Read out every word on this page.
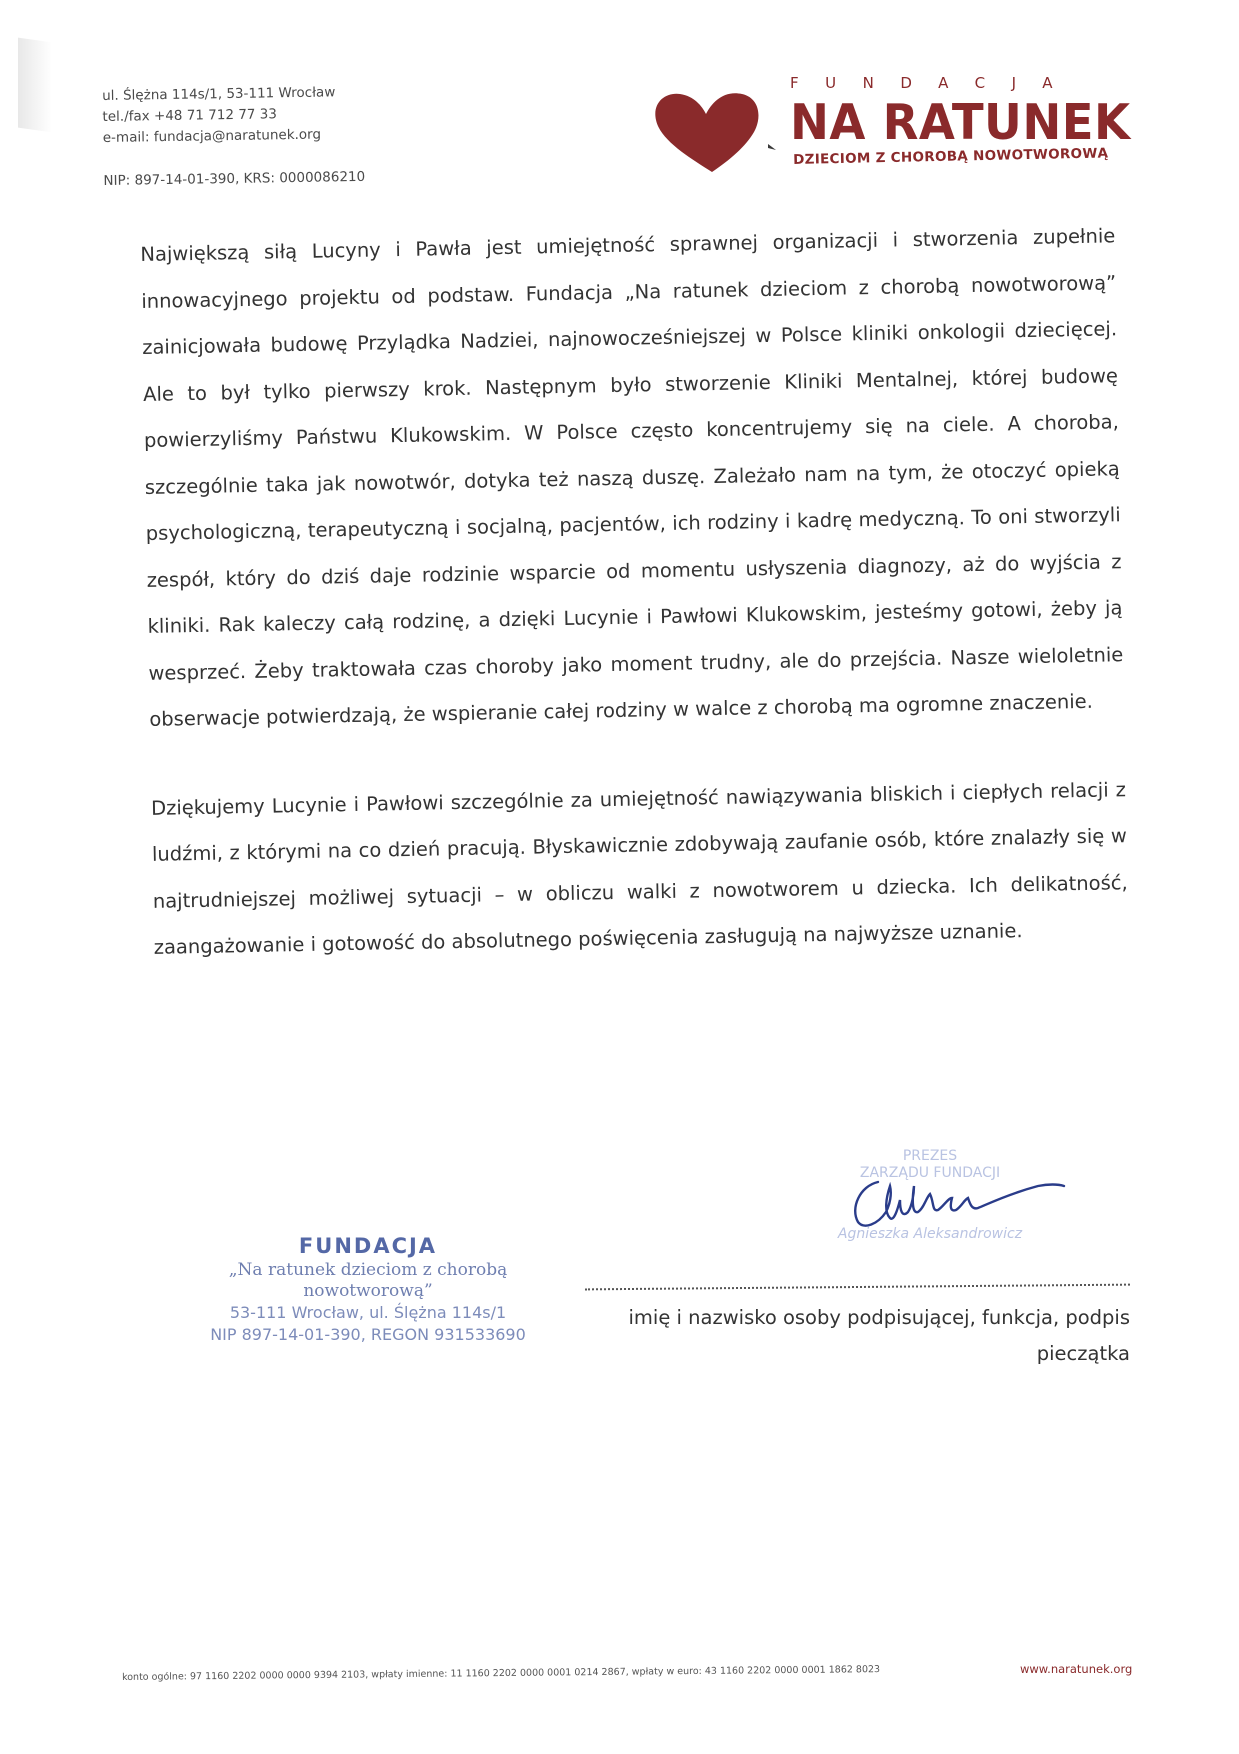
ul. Ślężna 114s/1, 53-111 Wrocław
tel./fax +48 71 712 77 33
e-mail: fundacja@naratunek.org
NIP: 897-14-01-390, KRS: 0000086210
FUNDACJA
NA RATUNEK
DZIECIOM Z CHOROBĄ NOWOTWOROWĄ

Największą siłą Lucyny i Pawła jest umiejętność sprawnej organizacji i stworzenia zupełnie innowacyjnego projektu od podstaw. Fundacja „Na ratunek dzieciom z chorobą nowotworową” zainicjowała budowę Przylądka Nadziei, najnowocześniejszej w Polsce kliniki onkologii dziecięcej. Ale to był tylko pierwszy krok. Następnym było stworzenie Kliniki Mentalnej, której budowę powierzyliśmy Państwu Klukowskim. W Polsce często koncentrujemy się na ciele. A choroba, szczególnie taka jak nowotwór, dotyka też naszą duszę. Zależało nam na tym, że otoczyć opieką psychologiczną, terapeutyczną i socjalną, pacjentów, ich rodziny i kadrę medyczną. To oni stworzyli zespół, który do dziś daje rodzinie wsparcie od momentu usłyszenia diagnozy, aż do wyjścia z kliniki. Rak kaleczy całą rodzinę, a dzięki Lucynie i Pawłowi Klukowskim, jesteśmy gotowi, żeby ją wesprzeć. Żeby traktowała czas choroby jako moment trudny, ale do przejścia. Nasze wieloletnie obserwacje potwierdzają, że wspieranie całej rodziny w walce z chorobą ma ogromne znaczenie.

Dziękujemy Lucynie i Pawłowi szczególnie za umiejętność nawiązywania bliskich i ciepłych relacji z ludźmi, z którymi na co dzień pracują. Błyskawicznie zdobywają zaufanie osób, które znalazły się w najtrudniejszej możliwej sytuacji – w obliczu walki z nowotworem u dziecka. Ich delikatność, zaangażowanie i gotowość do absolutnego poświęcenia zasługują na najwyższe uznanie.

PREZES
ZARZĄDU FUNDACJI
Agnieszka Aleksandrowicz
FUNDACJA
„Na ratunek dzieciom z chorobą nowotworową”
53-111 Wrocław, ul. Ślężna 114s/1
NIP 897-14-01-390, REGON 931533690
imię i nazwisko osoby podpisującej, funkcja, podpis
pieczątka
konto ogólne: 97 1160 2202 0000 0000 9394 2103, wpłaty imienne: 11 1160 2202 0000 0001 0214 2867, wpłaty w euro: 43 1160 2202 0000 0001 1862 8023	www.naratunek.org
